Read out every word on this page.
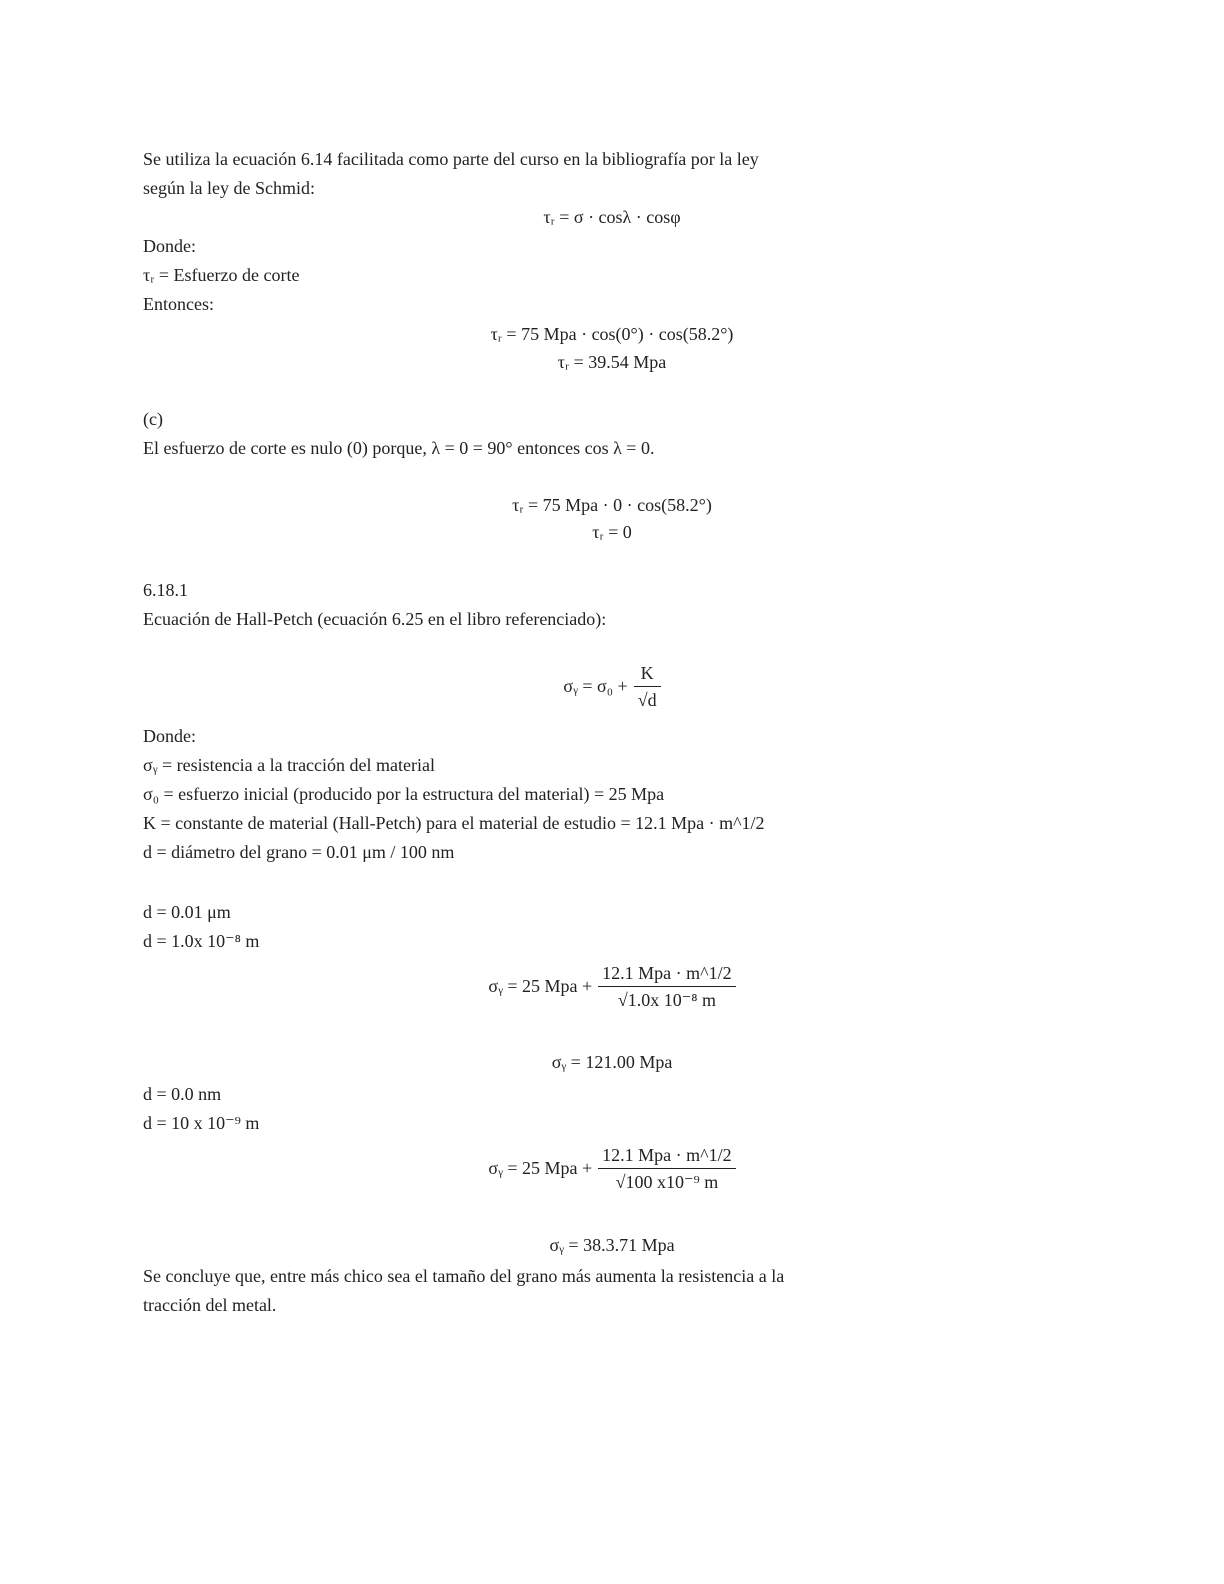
Se utiliza la ecuación 6.14 facilitada como parte del curso en la bibliografía por la ley
según la ley de Schmid:
τᵣ = σ · cosλ · cosφ
Donde:
τᵣ = Esfuerzo de corte
Entonces:
τᵣ = 75 Mpa · cos(0°) · cos(58.2°)
τᵣ = 39.54 Mpa
(c)
El esfuerzo de corte es nulo (0) porque, λ = 0 = 90° entonces cos λ = 0.
τᵣ = 75 Mpa · 0 · cos(58.2°)
τᵣ = 0
6.18.1
Ecuación de Hall-Petch (ecuación 6.25 en el libro referenciado):
σᵧ = $\sigma_0 + \frac{K}{√d}$
Donde:
σᵧ = resistencia a la tracción del material
σ₀ = esfuerzo inicial (producido por la estructura del material) = 25 Mpa
K = constante de material (Hall-Petch) para el material de estudio = 12.1 Mpa · m^1/2
d = diámetro del grano = 0.01 μm / 100 nm
d = 0.01 μm
d = 1.0x 10⁻⁸ m
σᵧ = 25 Mpa + $\frac{\text{12.1 Mpa · m\textasciicircum{}1/2}}{\text{√1.0x 10⁻⁸ m}}$
σᵧ = 121.00 Mpa
d = 0.0 nm
d = 10 x 10⁻⁹ m
σᵧ = 25 Mpa + $\frac{\text{12.1 Mpa · m\textasciicircum{}1/2}}{\text{√100 x10⁻⁹ m}}$
σᵧ = 38.3.71 Mpa
Se concluye que, entre más chico sea el tamaño del grano más aumenta la resistencia a la
tracción del metal.
